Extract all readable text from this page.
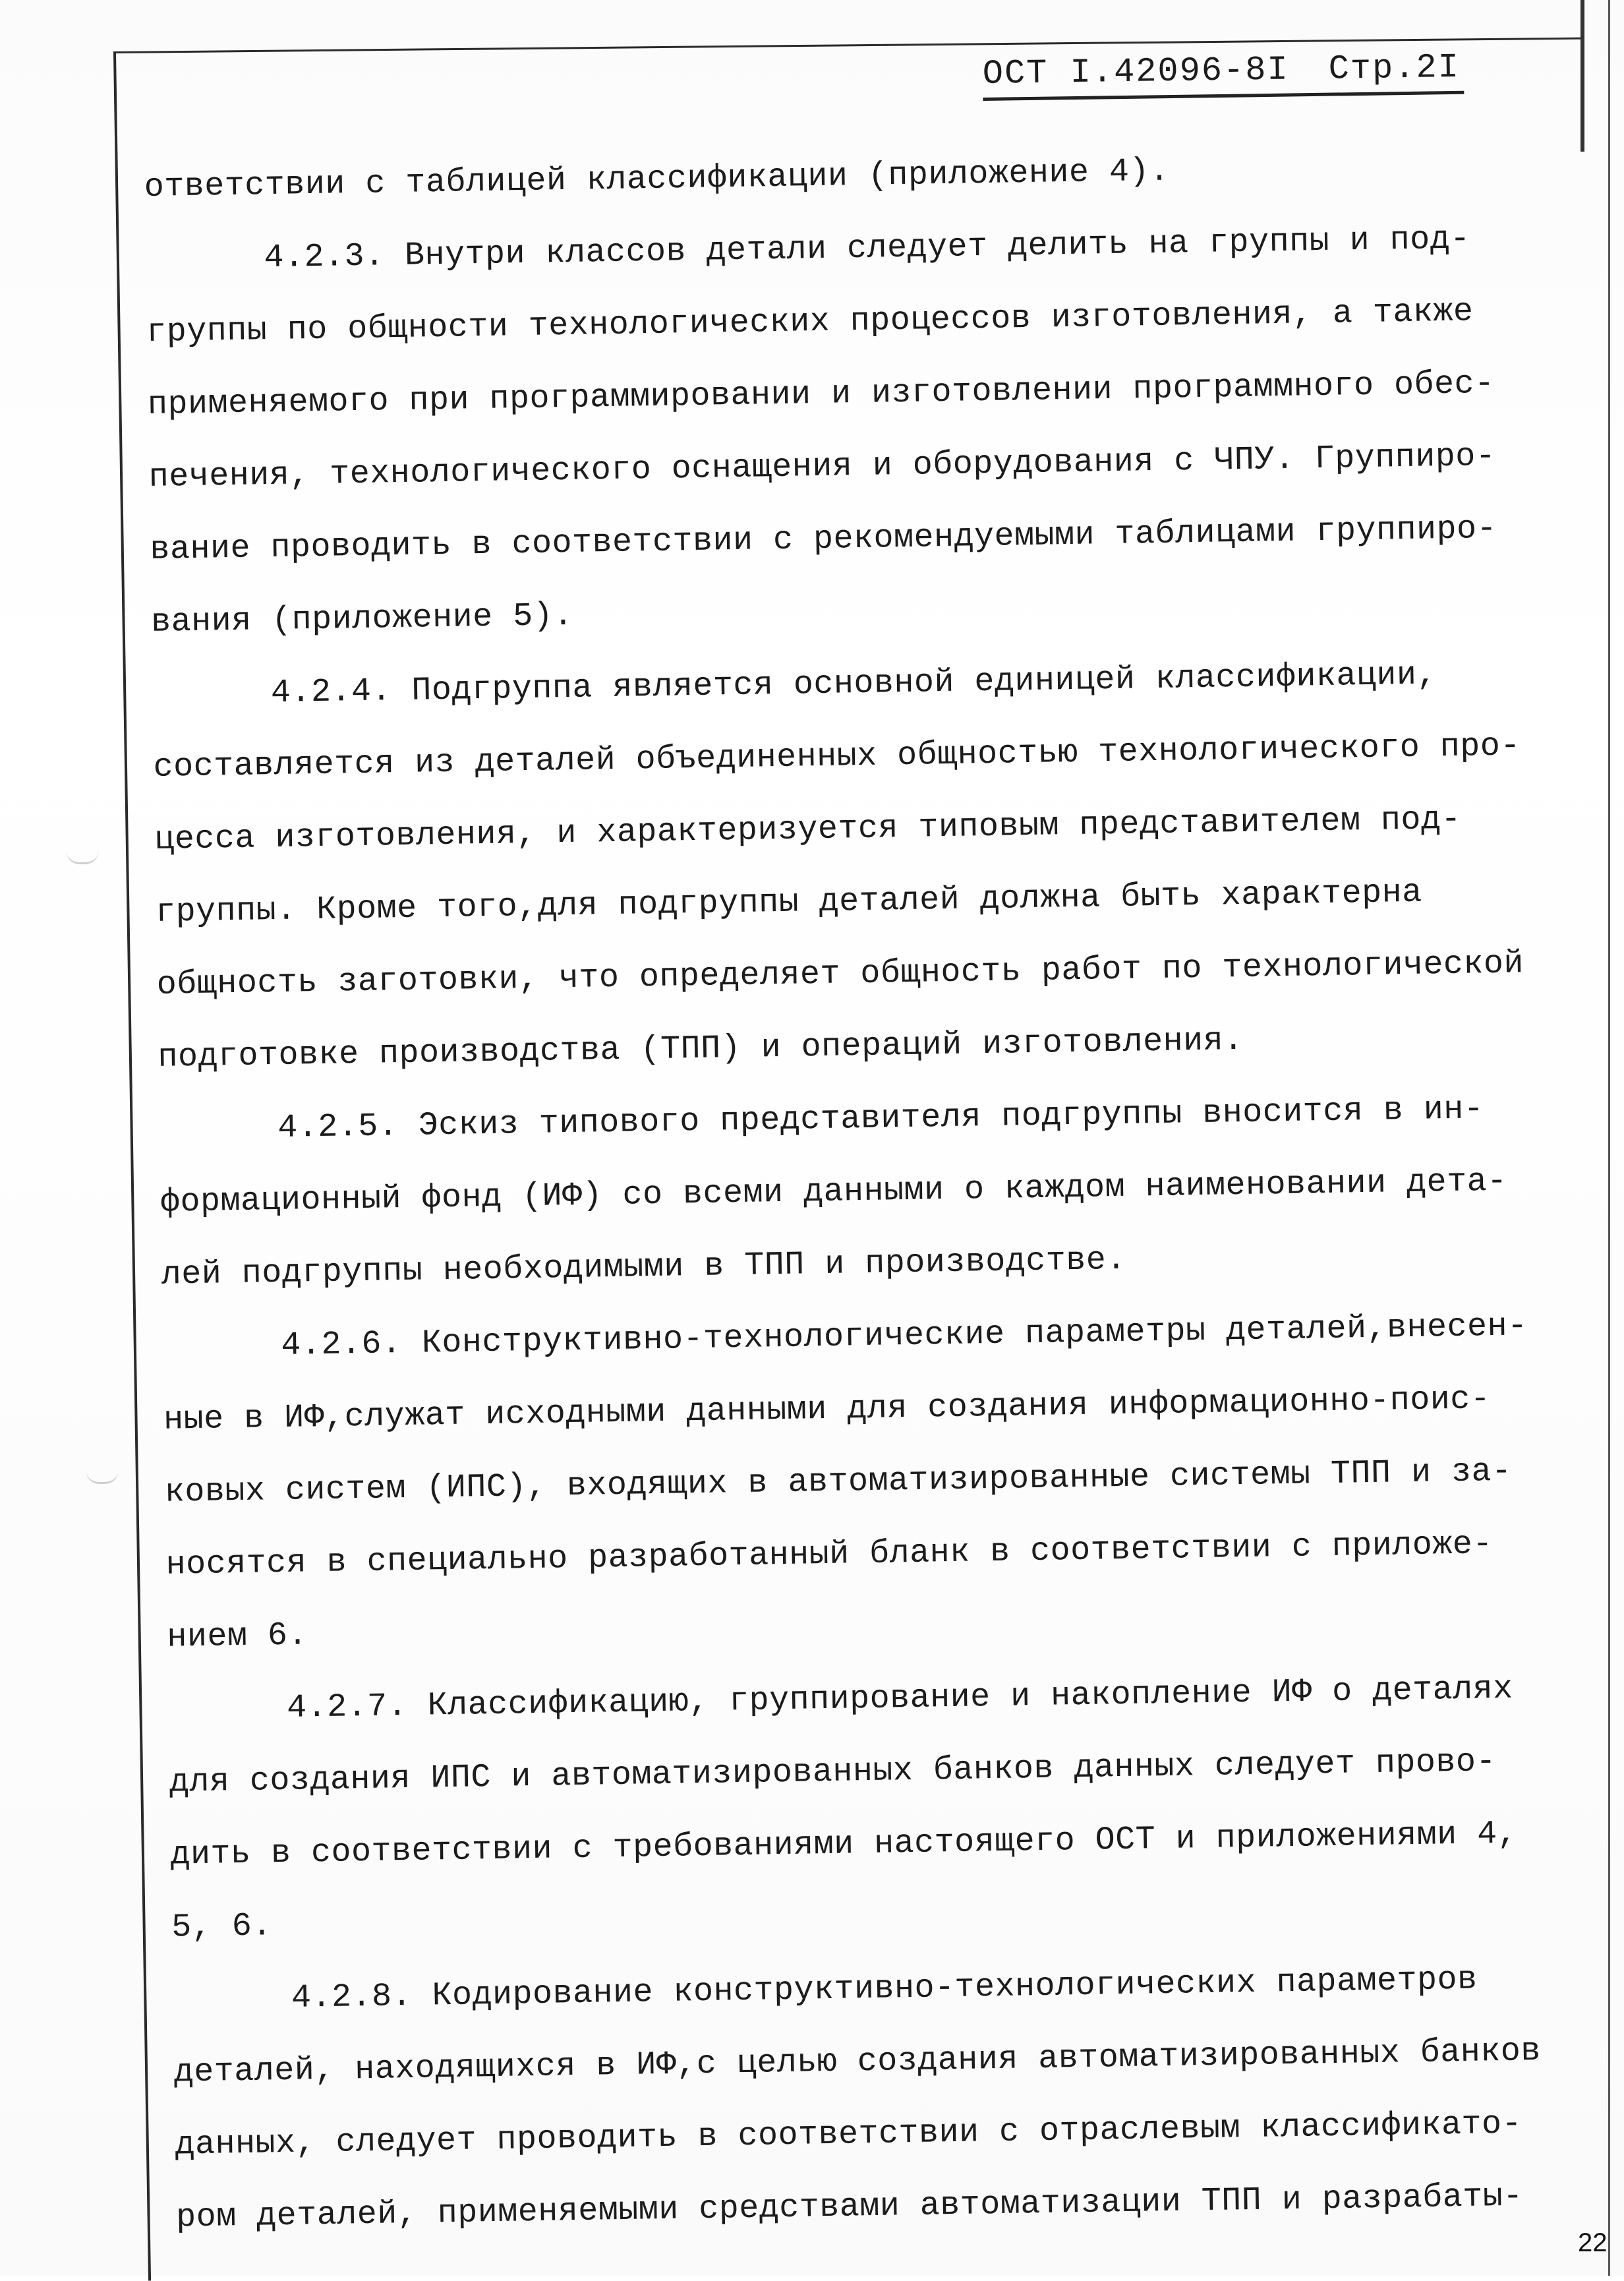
ОСТ I.42096-8I Стр.2I
ответствии с таблицей классификации (приложение 4).
4.2.3. Внутри классов детали следует делить на группы и под-
группы по общности технологических процессов изготовления, а также
применяемого при программировании и изготовлении программного обес-
печения, технологического оснащения и оборудования с ЧПУ. Группиро-
вание проводить в соответствии с рекомендуемыми таблицами группиро-
вания (приложение 5).
4.2.4. Подгруппа является основной единицей классификации,
составляется из деталей объединенных общностью технологического про-
цесса изготовления, и характеризуется типовым представителем под-
группы. Кроме того,для подгруппы деталей должна быть характерна
общность заготовки, что определяет общность работ по технологической
подготовке производства (ТПП) и операций изготовления.
4.2.5. Эскиз типового представителя подгруппы вносится в ин-
формационный фонд (ИФ) со всеми данными о каждом наименовании дета-
лей подгруппы необходимыми в ТПП и производстве.
4.2.6. Конструктивно-технологические параметры деталей,внесен-
ные в ИФ,служат исходными данными для создания информационно-поис-
ковых систем (ИПС), входящих в автоматизированные системы ТПП и за-
носятся в специально разработанный бланк в соответствии с приложе-
нием 6.
4.2.7. Классификацию, группирование и накопление ИФ о деталях
для создания ИПС и автоматизированных банков данных следует прово-
дить в соответствии с требованиями настоящего ОСТ и приложениями 4,
5, 6.
4.2.8. Кодирование конструктивно-технологических параметров
деталей, находящихся в ИФ,с целью создания автоматизированных банков
данных, следует проводить в соответствии с отраслевым классификато-
ром деталей, применяемыми средствами автоматизации ТПП и разрабаты-
22
